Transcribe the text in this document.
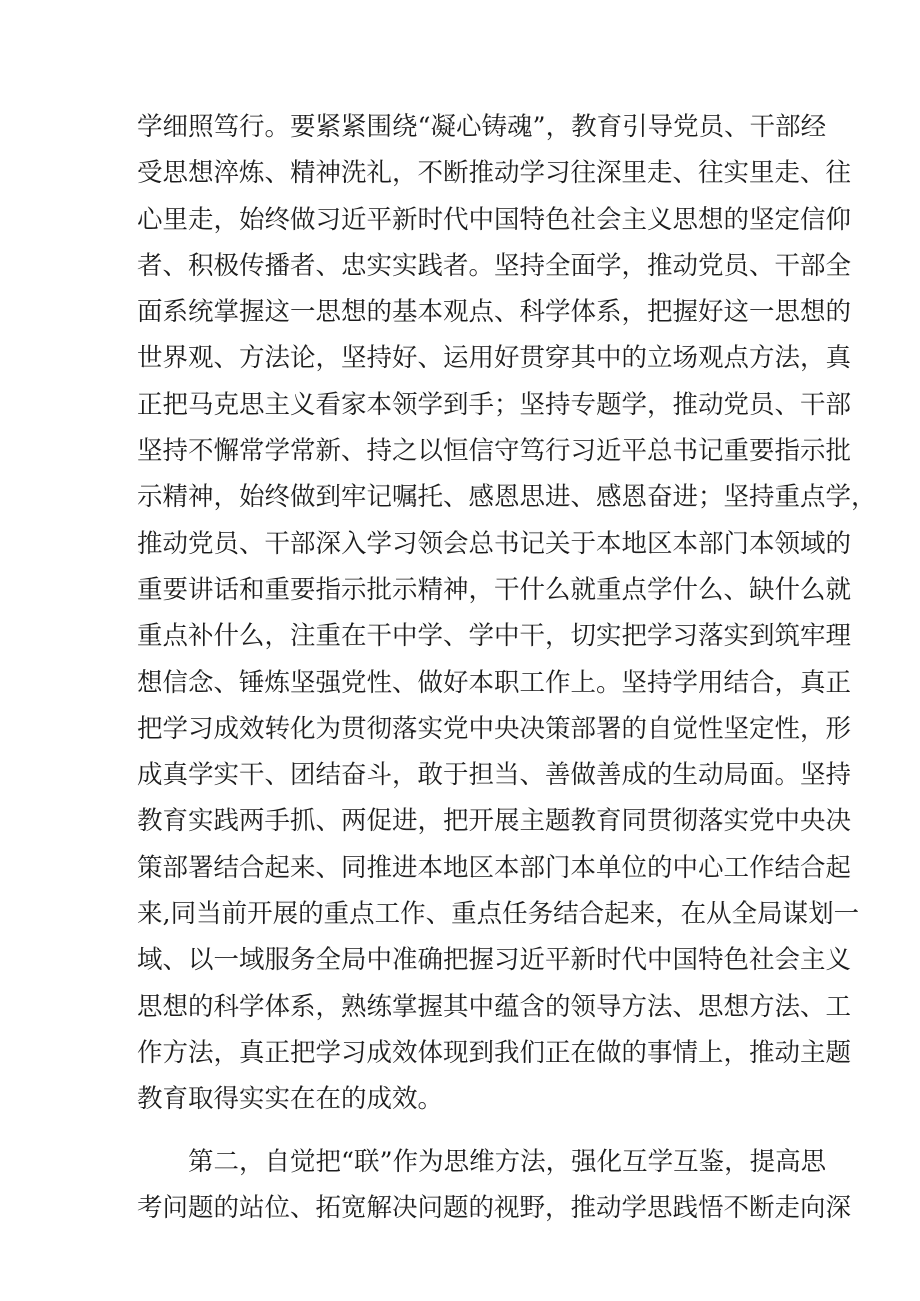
学细照笃行。要紧紧围绕“凝心铸魂”，教育引导党员、干部经
受思想淬炼、精神洗礼，不断推动学习往深里走、往实里走、往
心里走，始终做习近平新时代中国特色社会主义思想的坚定信仰
者、积极传播者、忠实实践者。坚持全面学，推动党员、干部全
面系统掌握这一思想的基本观点、科学体系，把握好这一思想的
世界观、方法论，坚持好、运用好贯穿其中的立场观点方法，真
正把马克思主义看家本领学到手；坚持专题学，推动党员、干部
坚持不懈常学常新、持之以恒信守笃行习近平总书记重要指示批
示精神，始终做到牢记嘱托、感恩思进、感恩奋进；坚持重点学，
推动党员、干部深入学习领会总书记关于本地区本部门本领域的
重要讲话和重要指示批示精神，干什么就重点学什么、缺什么就
重点补什么，注重在干中学、学中干，切实把学习落实到筑牢理
想信念、锤炼坚强党性、做好本职工作上。坚持学用结合，真正
把学习成效转化为贯彻落实党中央决策部署的自觉性坚定性，形
成真学实干、团结奋斗，敢于担当、善做善成的生动局面。坚持
教育实践两手抓、两促进，把开展主题教育同贯彻落实党中央决
策部署结合起来、同推进本地区本部门本单位的中心工作结合起
来,同当前开展的重点工作、重点任务结合起来，在从全局谋划一
域、以一域服务全局中准确把握习近平新时代中国特色社会主义
思想的科学体系，熟练掌握其中蕴含的领导方法、思想方法、工
作方法，真正把学习成效体现到我们正在做的事情上，推动主题
教育取得实实在在的成效。
第二，自觉把“联”作为思维方法，强化互学互鉴，提高思
考问题的站位、拓宽解决问题的视野，推动学思践悟不断走向深
